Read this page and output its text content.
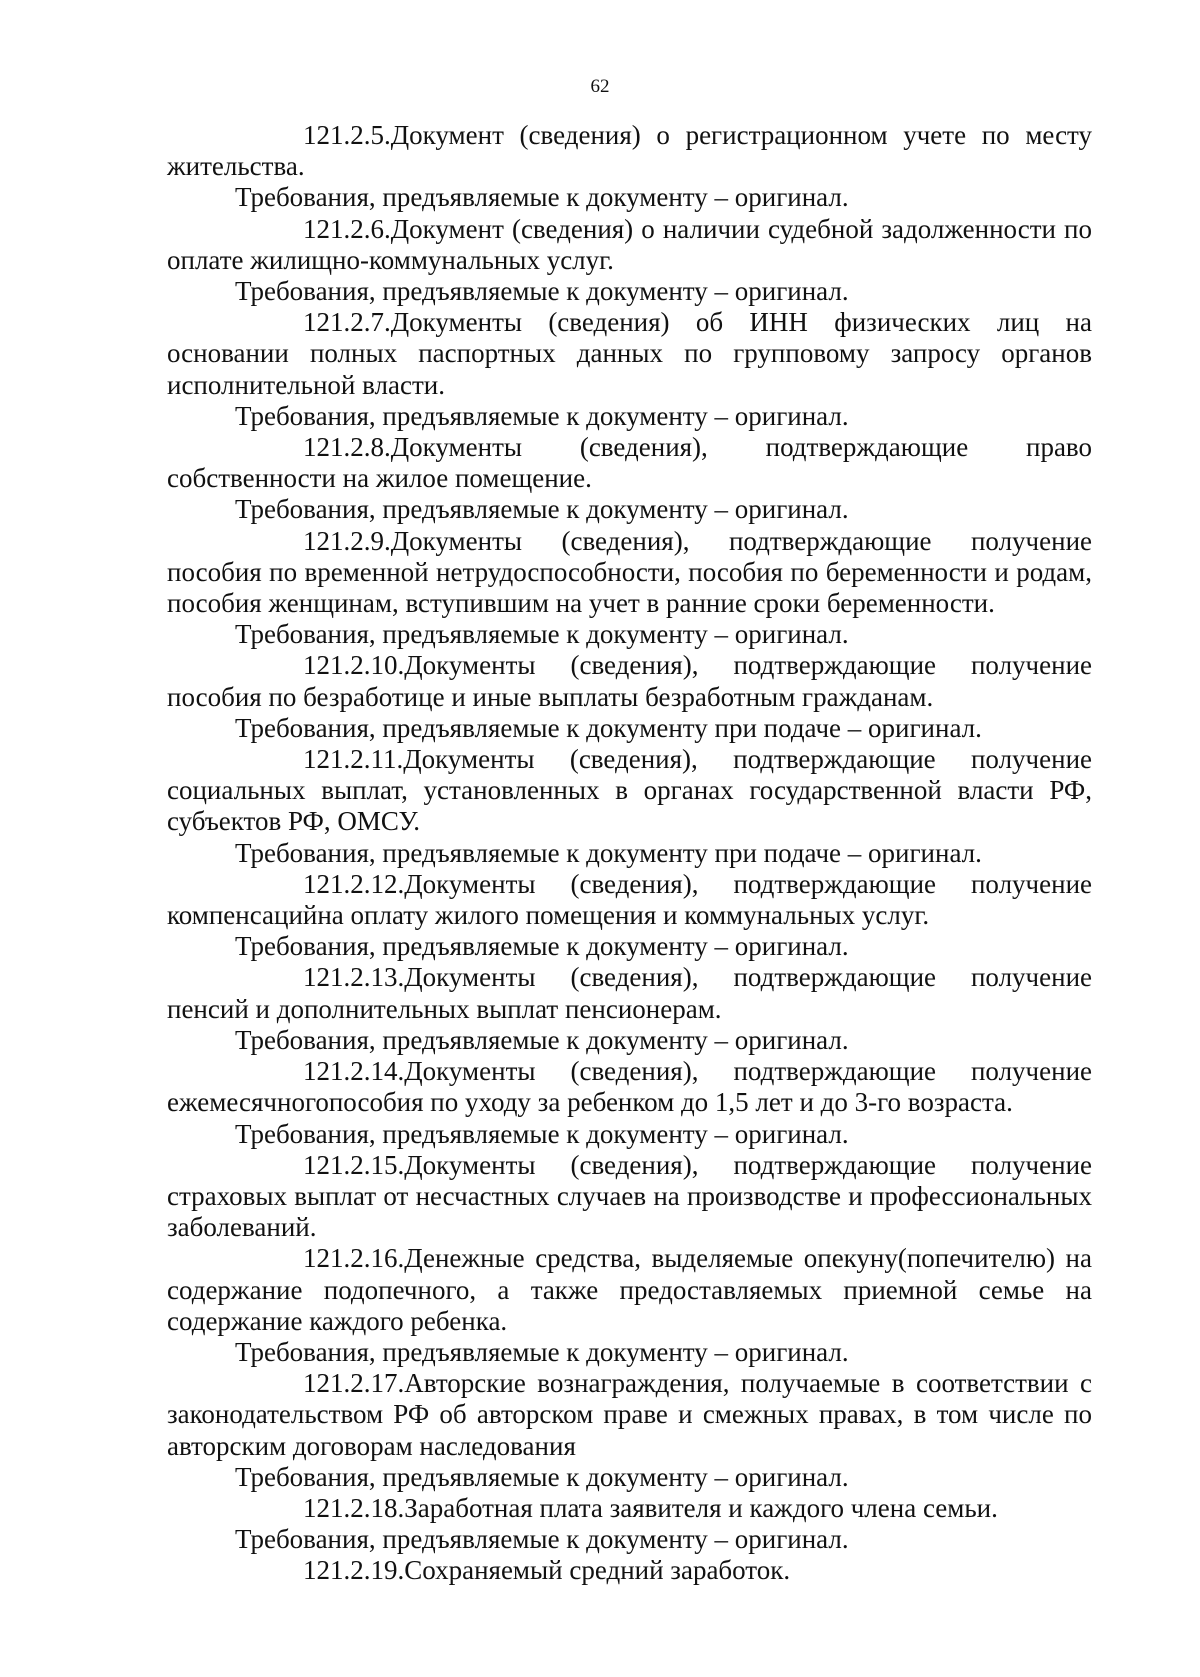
62

121.2.5.Документ (сведения) о регистрационном учете по месту жительства.

Требования, предъявляемые к документу – оригинал.

121.2.6.Документ (сведения) о наличии судебной задолженности по оплате жилищно-коммунальных услуг.

Требования, предъявляемые к документу – оригинал.

121.2.7.Документы (сведения) об ИНН физических лиц на основании полных паспортных данных по групповому запросу органов исполнительной власти.

Требования, предъявляемые к документу – оригинал.

121.2.8.Документы (сведения), подтверждающие право собственности на жилое помещение.

Требования, предъявляемые к документу – оригинал.

121.2.9.Документы (сведения), подтверждающие получение пособия по временной нетрудоспособности, пособия по беременности и родам, пособия женщинам, вступившим на учет в ранние сроки беременности.

Требования, предъявляемые к документу – оригинал.

121.2.10.Документы (сведения), подтверждающие получение пособия по безработице и иные выплаты безработным гражданам.

Требования, предъявляемые к документу при подаче – оригинал.

121.2.11.Документы (сведения), подтверждающие получение социальных выплат, установленных в органах государственной власти РФ, субъектов РФ, ОМСУ.

Требования, предъявляемые к документу при подаче – оригинал.

121.2.12.Документы (сведения), подтверждающие получение компенсацийна оплату жилого помещения и коммунальных услуг.

Требования, предъявляемые к документу – оригинал.

121.2.13.Документы (сведения), подтверждающие получение пенсий и дополнительных выплат пенсионерам.

Требования, предъявляемые к документу – оригинал.

121.2.14.Документы (сведения), подтверждающие получение ежемесячногопособия по уходу за ребенком до 1,5 лет и до 3-го возраста.

Требования, предъявляемые к документу – оригинал.

121.2.15.Документы (сведения), подтверждающие получение страховых выплат от несчастных случаев на производстве и профессиональных заболеваний.

121.2.16.Денежные средства, выделяемые опекуну(попечителю) на содержание подопечного, а также предоставляемых приемной семье на содержание каждого ребенка.

Требования, предъявляемые к документу – оригинал.

121.2.17.Авторские вознаграждения, получаемые в соответствии с законодательством РФ об авторском праве и смежных правах, в том числе по авторским договорам наследования

Требования, предъявляемые к документу – оригинал.

121.2.18.Заработная плата заявителя и каждого члена семьи.

Требования, предъявляемые к документу – оригинал.

121.2.19.Сохраняемый средний заработок.
